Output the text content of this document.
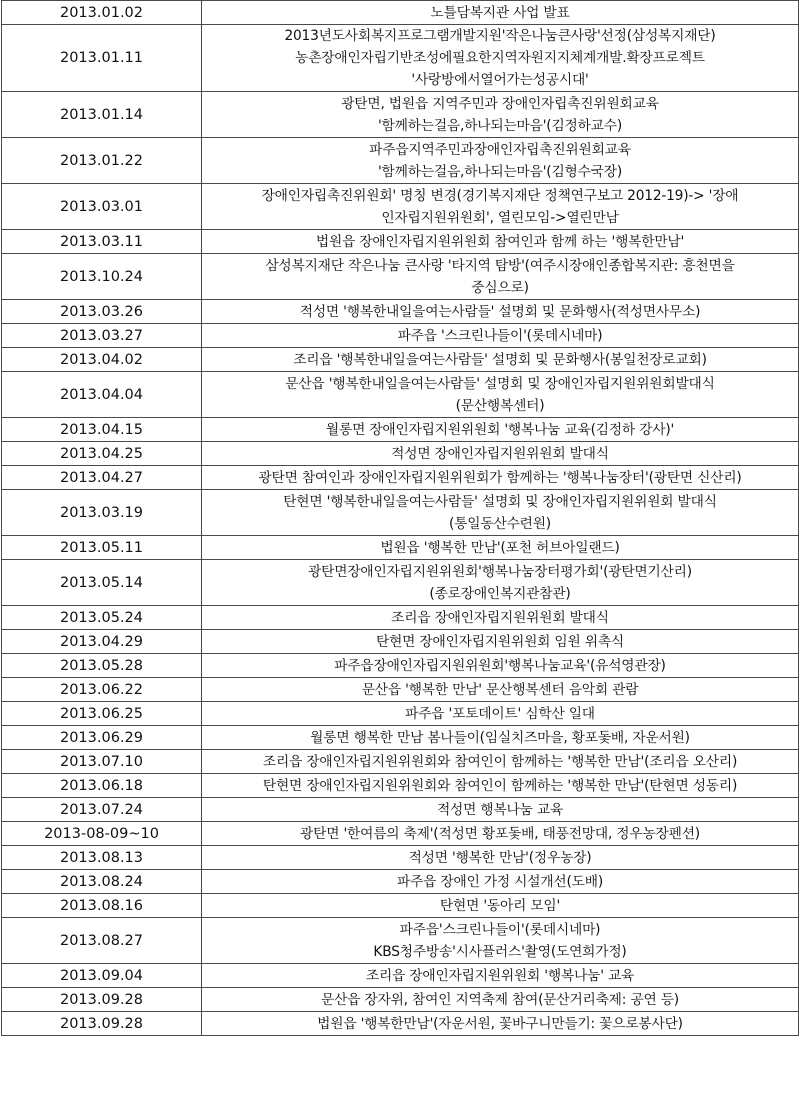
2013.01.02	노틀담복지관 사업 발표

2013.01.11	2013년도사회복지프로그램개발지원'작은나눔큰사랑'선정(삼성복지재단)
농촌장애인자립기반조성에필요한지역자원지지체계개발.확장프로젝트
'사랑방에서열어가는성공시대'

2013.01.14	광탄면, 법원읍 지역주민과 장애인자립촉진위원회교육
'함께하는걸음,하나되는마음'(김정하교수)

2013.01.22	파주읍지역주민과장애인자립촉진위원회교육
'함께하는걸음,하나되는마음'(김형수국장)

2013.03.01	장애인자립촉진위원회' 명칭 변경(경기복지재단 정책연구보고 2012-19)-> '장애
인자립지원위원회', 열린모임->열린만남

2013.03.11	법원읍 장애인자립지원위원회 참여인과 함께 하는 '행복한만남'

2013.10.24	삼성복지재단 작은나눔 큰사랑 '타지역 탐방'(여주시장애인종합복지관: 흥천면을
중심으로)

2013.03.26	적성면 '행복한내일을여는사람들' 설명회 및 문화행사(적성면사무소)

2013.03.27	파주읍 '스크린나들이'(롯데시네마)

2013.04.02	조리읍 '행복한내일을여는사람들' 설명회 및 문화행사(봉일천장로교회)

2013.04.04	문산읍 '행복한내일을여는사람들' 설명회 및 장애인자립지원위원회발대식
(문산행복센터)

2013.04.15	월롱면 장애인자립지원위원회 '행복나눔 교육(김정하 강사)'

2013.04.25	적성면 장애인자립지원위원회 발대식

2013.04.27	광탄면 참여인과 장애인자립지원위원회가 함께하는 '행복나눔장터'(광탄면 신산리)

2013.03.19	탄현면 '행복한내일을여는사람들' 설명회 및 장애인자립지원위원회 발대식
(통일동산수련원)

2013.05.11	법원읍 '행복한 만남'(포천 허브아일랜드)

2013.05.14	광탄면장애인자립지원위원회'행복나눔장터평가회'(광탄면기산리)
(종로장애인복지관참관)

2013.05.24	조리읍 장애인자립지원위원회 발대식

2013.04.29	탄현면 장애인자립지원위원회 임원 위촉식

2013.05.28	파주읍장애인자립지원위원회'행복나눔교육'(유석영관장)

2013.06.22	문산읍 '행복한 만남' 문산행복센터 음악회 관람

2013.06.25	파주읍 '포토데이트' 심학산 일대

2013.06.29	월롱면 행복한 만남 봄나들이(임실치즈마을, 황포돛배, 자운서원)

2013.07.10	조리읍 장애인자립지원위원회와 참여인이 함께하는 '행복한 만남'(조리읍 오산리)

2013.06.18	탄현면 장애인자립지원위원회와 참여인이 함께하는 '행복한 만남'(탄현면 성동리)

2013.07.24	적성면 행복나눔 교육

2013-08-09~10	광탄면 '한여름의 축제'(적성면 황포돛배, 태풍전망대, 정우농장펜션)

2013.08.13	적성면 '행복한 만남'(정우농장)

2013.08.24	파주읍 장애인 가정 시설개선(도배)

2013.08.16	탄현면 '동아리 모임'

2013.08.27	파주읍'스크린나들이'(롯데시네마)
KBS청주방송'시사플러스'촬영(도연희가정)

2013.09.04	조리읍 장애인자립지원위원회 '행복나눔' 교육

2013.09.28	문산읍 장자위, 참여인 지역축제 참여(문산거리축제: 공연 등)

2013.09.28	법원읍 '행복한만남'(자운서원, 꽃바구니만들기: 꽃으로봉사단)
